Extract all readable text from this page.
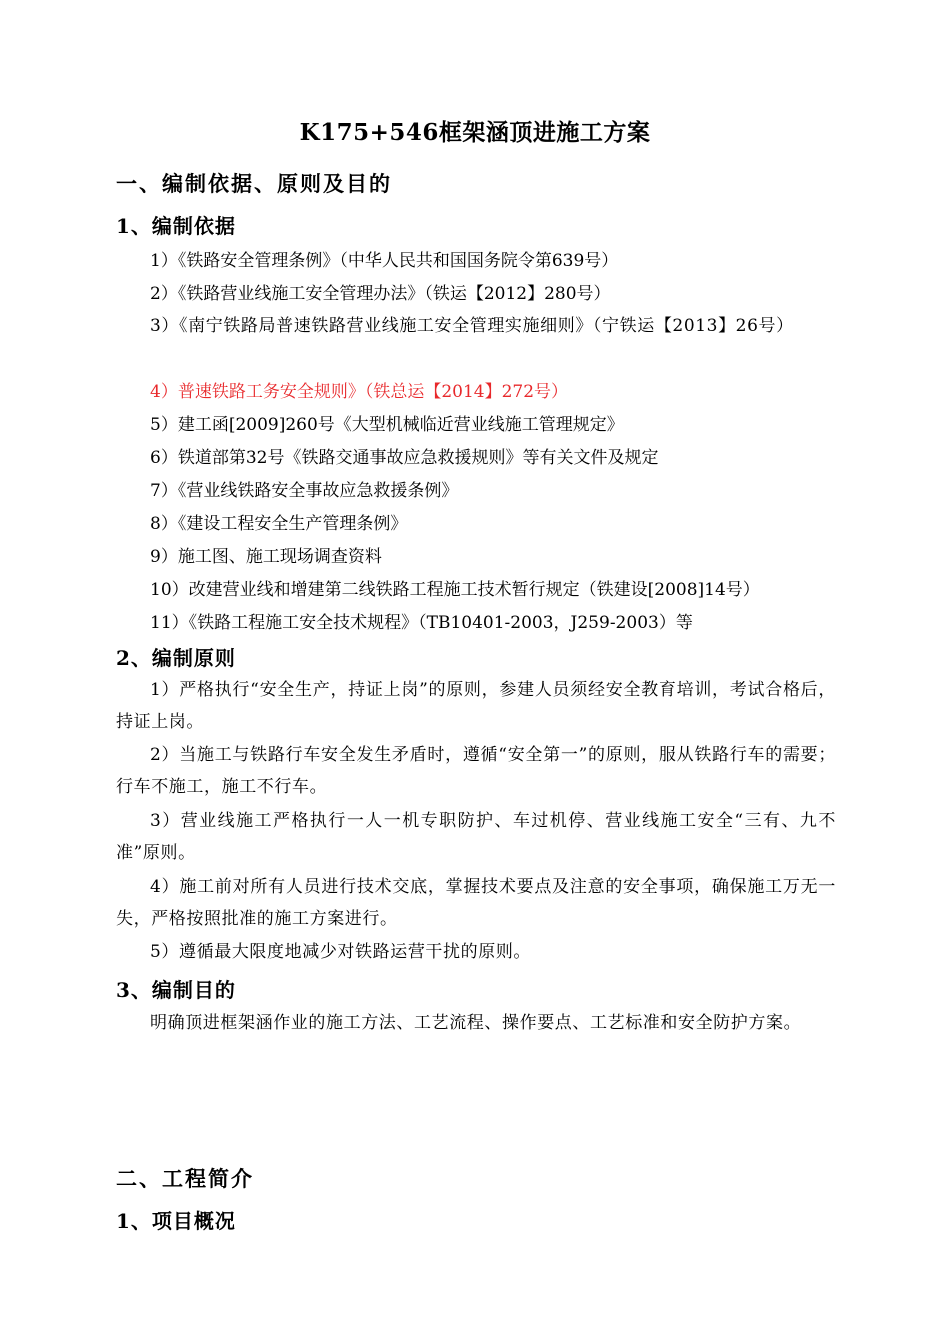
K175+546框架涵顶进施工方案
一、编制依据、原则及目的
1、编制依据
1）《铁路安全管理条例》（中华人民共和国国务院令第639号）
2）《铁路营业线施工安全管理办法》（铁运【2012】280号）
3）《南宁铁路局普速铁路营业线施工安全管理实施细则》（宁铁运【2013】26号）
4）普速铁路工务安全规则》（铁总运【2014】272号）
5）建工函[2009]260号《大型机械临近营业线施工管理规定》
6）铁道部第32号《铁路交通事故应急救援规则》等有关文件及规定
7）《营业线铁路安全事故应急救援条例》
8）《建设工程安全生产管理条例》
9）施工图、施工现场调查资料
10）改建营业线和增建第二线铁路工程施工技术暂行规定（铁建设[2008]14号）
11）《铁路工程施工安全技术规程》（TB10401-2003，J259-2003）等
2、编制原则
1）严格执行“安全生产，持证上岗”的原则，参建人员须经安全教育培训，考试合格后，持证上岗。
2）当施工与铁路行车安全发生矛盾时，遵循“安全第一”的原则，服从铁路行车的需要；行车不施工，施工不行车。
3）营业线施工严格执行一人一机专职防护、车过机停、营业线施工安全“三有、九不准”原则。
4）施工前对所有人员进行技术交底，掌握技术要点及注意的安全事项，确保施工万无一失，严格按照批准的施工方案进行。
5）遵循最大限度地减少对铁路运营干扰的原则。
3、编制目的
明确顶进框架涵作业的施工方法、工艺流程、操作要点、工艺标准和安全防护方案。
二、工程简介
1、项目概况
